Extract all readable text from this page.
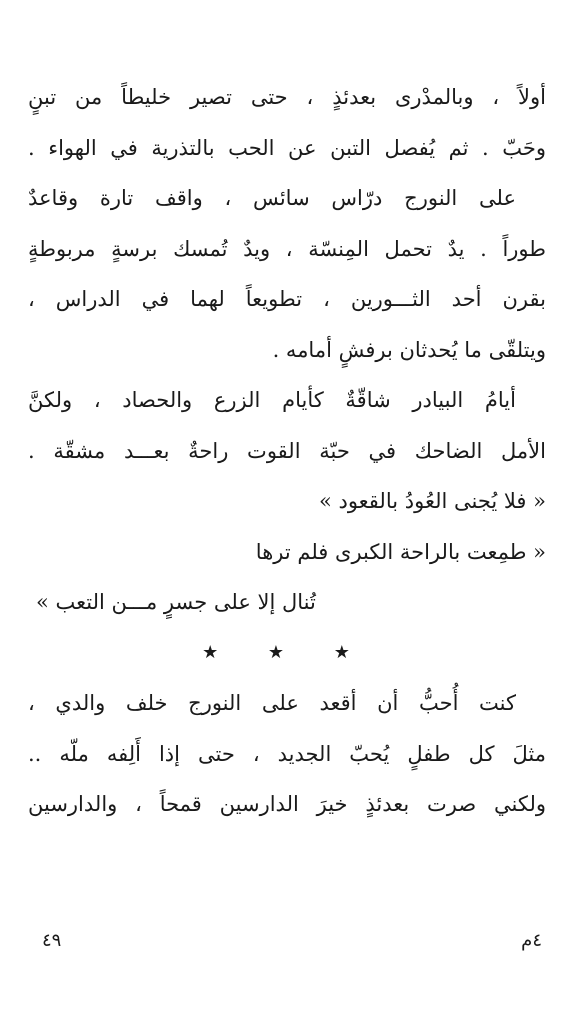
أولاً ، وبالمدْرى بعدئذٍ ، حتى تصير خليطاً من تبنٍ
وحَبّ . ثم يُفصل التبن عن الحب بالتذرية في الهواء .
على النورج درّاس سائس ، واقف تارة وقاعدٌ
طوراً . يدٌ تحمل المِنسّة ، ويدٌ تُمسك برسةٍ مربوطةٍ
بقرن أحد الثـــورين ، تطويعاً لهما في الدراس ،
ويتلقّى ما يُحدثان برفشٍ أمامه .
أيامُ البيادر شاقّةٌ كأيام الزرع والحصاد ، ولكنَّ
الأمل الضاحك في حبّة القوت راحةٌ بعـــد مشقّة .
« فلا يُجنى العُودُ بالقعود »
« طمِعت بالراحة الكبرى فلم ترها
تُنال إلا على جسرٍ مـــن التعب »
★ ★ ★
كنت أُحبُّ أن أقعد على النورج خلف والدي ،
مثلَ كل طفلٍ يُحبّ الجديد ، حتى إذا أَلِفه ملّه ..
ولكني صرت بعدئذٍ خيرَ الدارسين قمحاً ، والدارسين
٤٩	٤م
